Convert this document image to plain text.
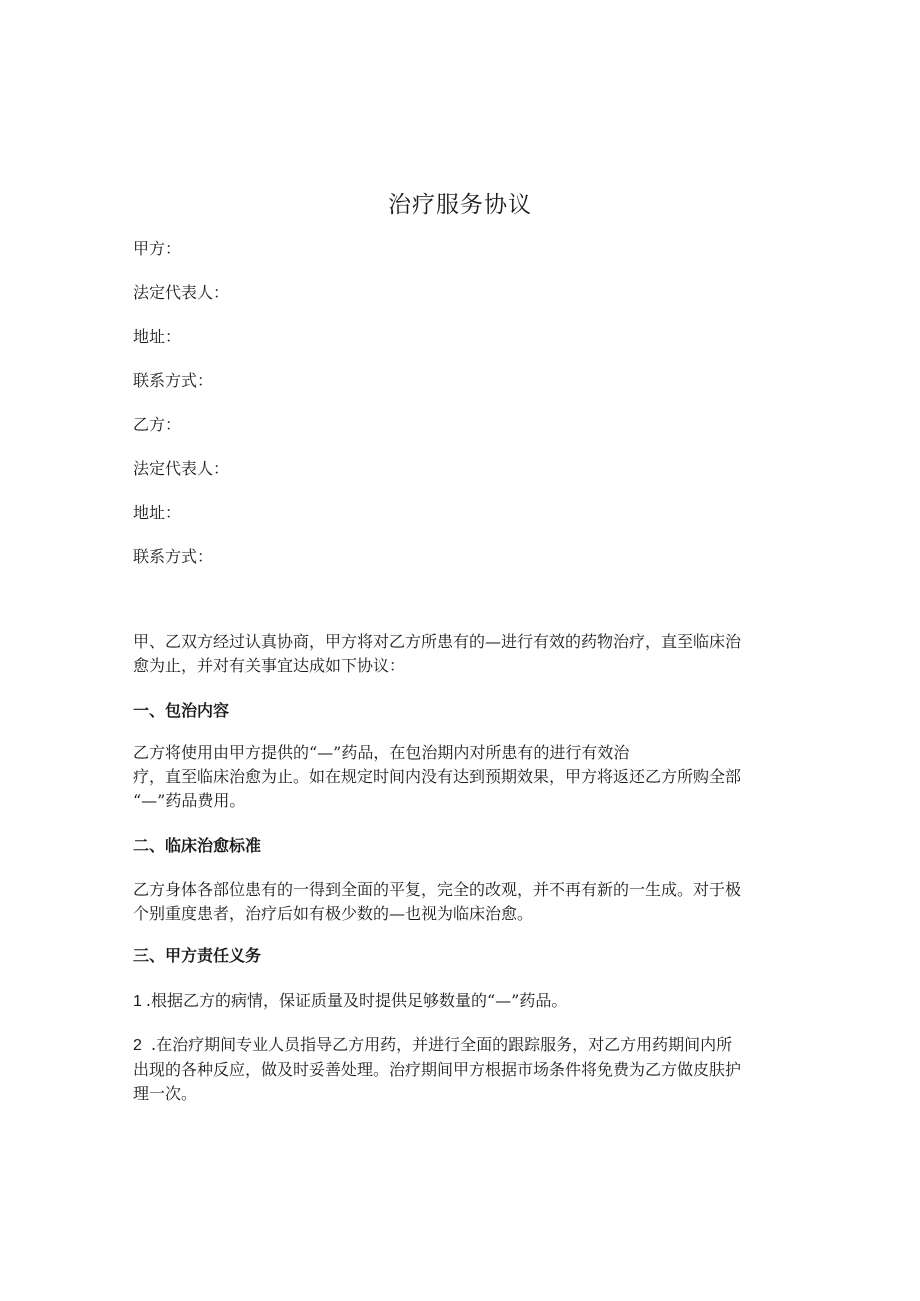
治疗服务协议
甲方：
法定代表人：
地址：
联系方式：
乙方：
法定代表人：
地址：
联系方式：
甲、乙双方经过认真协商，甲方将对乙方所患有的—进行有效的药物治疗，直至临床治
愈为止，并对有关事宜达成如下协议：
一、包治内容
乙方将使用由甲方提供的“—”药品，在包治期内对所患有的进行有效治
疗，直至临床治愈为止。如在规定时间内没有达到预期效果，甲方将返还乙方所购全部
“—”药品费用。
二、临床治愈标准
乙方身体各部位患有的一得到全面的平复，完全的改观，并不再有新的一生成。对于极
个别重度患者，治疗后如有极少数的—也视为临床治愈。
三、甲方责任义务
1 .根据乙方的病情，保证质量及时提供足够数量的“—”药品。
2 .在治疗期间专业人员指导乙方用药，并进行全面的跟踪服务，对乙方用药期间内所
出现的各种反应，做及时妥善处理。治疗期间甲方根据市场条件将免费为乙方做皮肤护
理一次。
